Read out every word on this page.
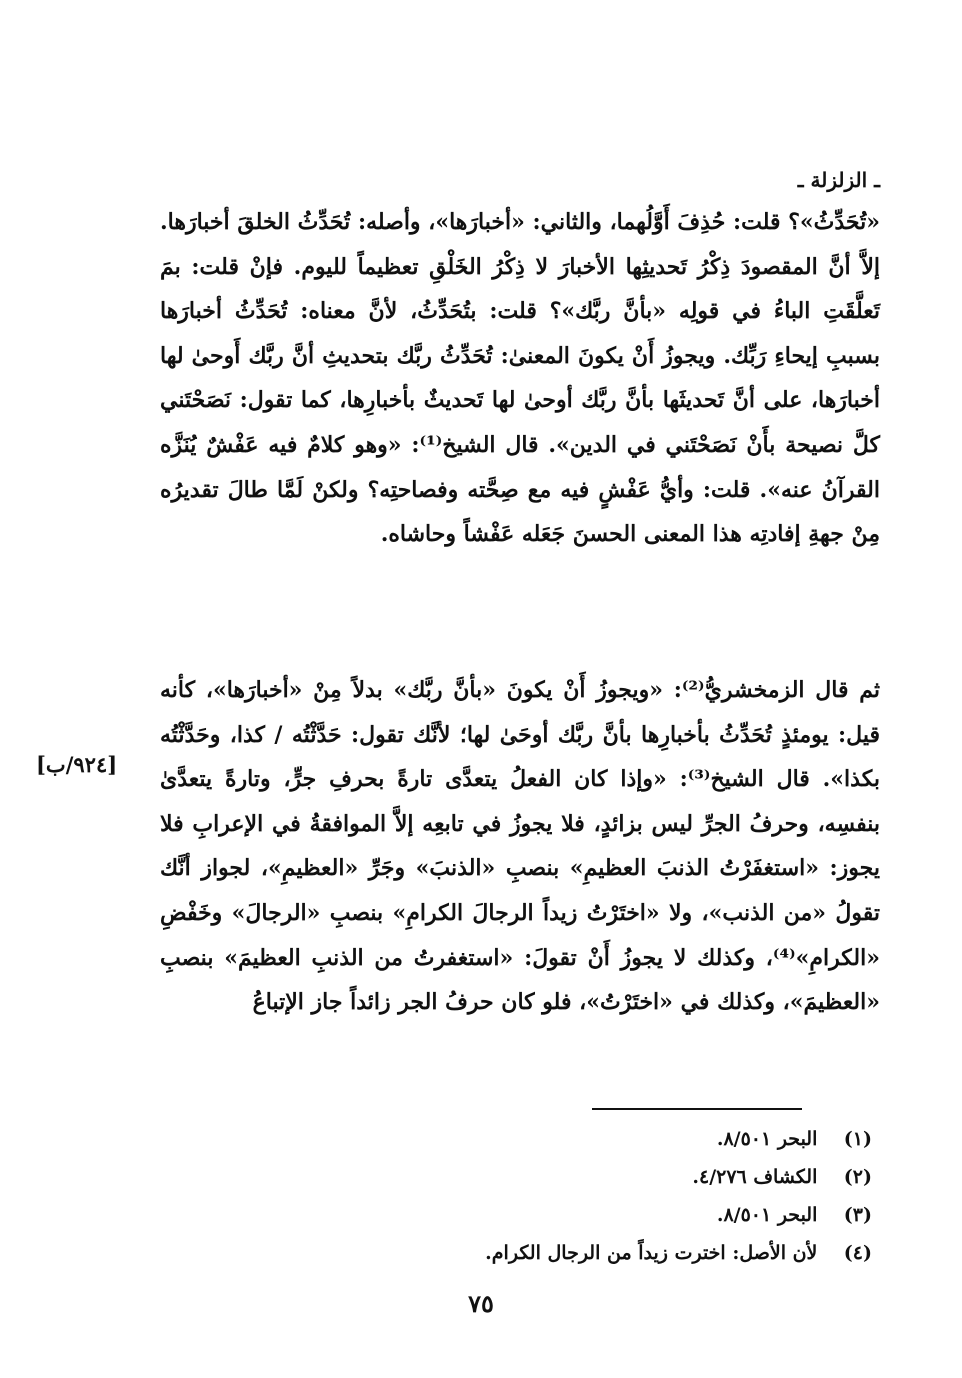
ـ الزلزلة ـ

«تُحَدِّثُ»؟ قلت: حُذِفَ أَوَّلُهما، والثاني: «أخبارَها»، وأصله: تُحَدِّثُ الخلقَ أخبارَها. إلاَّ أنَّ المقصودَ ذِكْرُ تَحديثِها الأخبارَ لا ذِكْرُ الخَلْقِ تعظيماً لليوم. فإنْ قلت: بمَ تَعلَّقَتِ الباءُ في قولِه «بأنَّ ربَّك»؟ قلت: بتُحَدِّثُ، لأنَّ معناه: تُحَدِّثُ أخبارَها بسببِ إيحاءِ رَبِّك. ويجوزُ أَنْ يكونَ المعنىٰ: تُحَدِّثُ ربَّك بتحديثِ أنَّ ربَّك أَوحىٰ لها أخبارَها، على أنَّ تَحديثَها بأنَّ ربَّك أوحىٰ لها تَحديثٌ بأخبارِها، كما تقول: نَصَحْتَني كلَّ نصيحة بأَنْ نَصَحْتَني في الدين». قال الشيخ⁽¹⁾: «وهو كلامٌ فيه عَفْشٌ يُنَزَّه القرآنُ عنه». قلت: وأيُّ عَفْشٍ فيه مع صِحَّته وفصاحتِه؟ ولكنْ لَمَّا طالَ تقديرُه مِنْ جهةِ إفادتِه هذا المعنى الحسنَ جَعَله عَفْشاً وحاشاه.

ثم قال الزمخشريُّ⁽²⁾: «ويجوزُ أَنْ يكونَ «بأنَّ ربَّك» بدلاً مِنْ «أخبارَها»، كأنه قيل: يومئذٍ تُحَدِّثُ بأخبارِها بأنَّ ربَّك أوحَىٰ لها؛ لأنَّك تقول: حَدَّثْتُه / كذا، وحَدَّثْتُه بكذا». قال الشيخ⁽³⁾: «وإذا كان الفعلُ يتعدَّى تارةً بحرفِ جرٍّ، وتارةً يتعدَّىٰ بنفسِه، وحرفُ الجرِّ ليس بزائدٍ، فلا يجوزُ في تابعِه إلاَّ الموافقةُ في الإعرابِ فلا يجوز: «استغفَرْتُ الذنبَ العظيمِ» بنصبِ «الذنبَ» وجَرِّ «العظيمِ»، لجواز أنَّك تقولُ «من الذنب»، ولا «اختَرْتُ زيداً الرجالَ الكرامِ» بنصبِ «الرجالَ» وخَفْضِ «الكرامِ»⁽⁴⁾، وكذلك لا يجوزُ أَنْ تقولَ: «استغفرتُ من الذنبِ العظيمَ» بنصبِ «العظيمَ»، وكذلك في «اختَرْتُ»، فلو كان حرفُ الجر زائداً جاز الإتباعُ

[٩٢٤/ب]
(١) البحر ٨/٥٠١.
(٢) الكشاف ٤/٢٧٦.
(٣) البحر ٨/٥٠١.
(٤) لأن الأصل: اخترت زيداً من الرجال الكرام.
٧٥
